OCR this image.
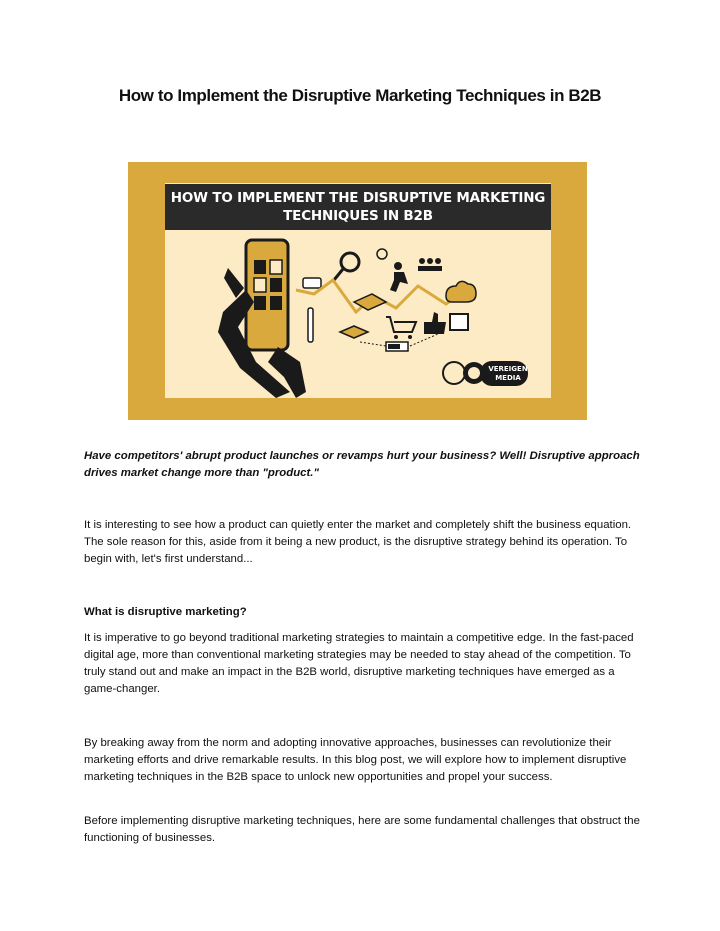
How to Implement the Disruptive Marketing Techniques in B2B
HOW TO IMPLEMENT THE DISRUPTIVE MARKETING
TECHNIQUES IN B2B
VEREIGEN
MEDIA

Have competitors' abrupt product launches or revamps hurt your business? Well! Disruptive approach drives market change more than "product."

It is interesting to see how a product can quietly enter the market and completely shift the business equation. The sole reason for this, aside from it being a new product, is the disruptive strategy behind its operation. To begin with, let's first understand...

What is disruptive marketing?

It is imperative to go beyond traditional marketing strategies to maintain a competitive edge. In the fast-paced digital age, more than conventional marketing strategies may be needed to stay ahead of the competition. To truly stand out and make an impact in the B2B world, disruptive marketing techniques have emerged as a game-changer.

By breaking away from the norm and adopting innovative approaches, businesses can revolutionize their marketing efforts and drive remarkable results. In this blog post, we will explore how to implement disruptive marketing techniques in the B2B space to unlock new opportunities and propel your success.

Before implementing disruptive marketing techniques, here are some fundamental challenges that obstruct the functioning of businesses.
